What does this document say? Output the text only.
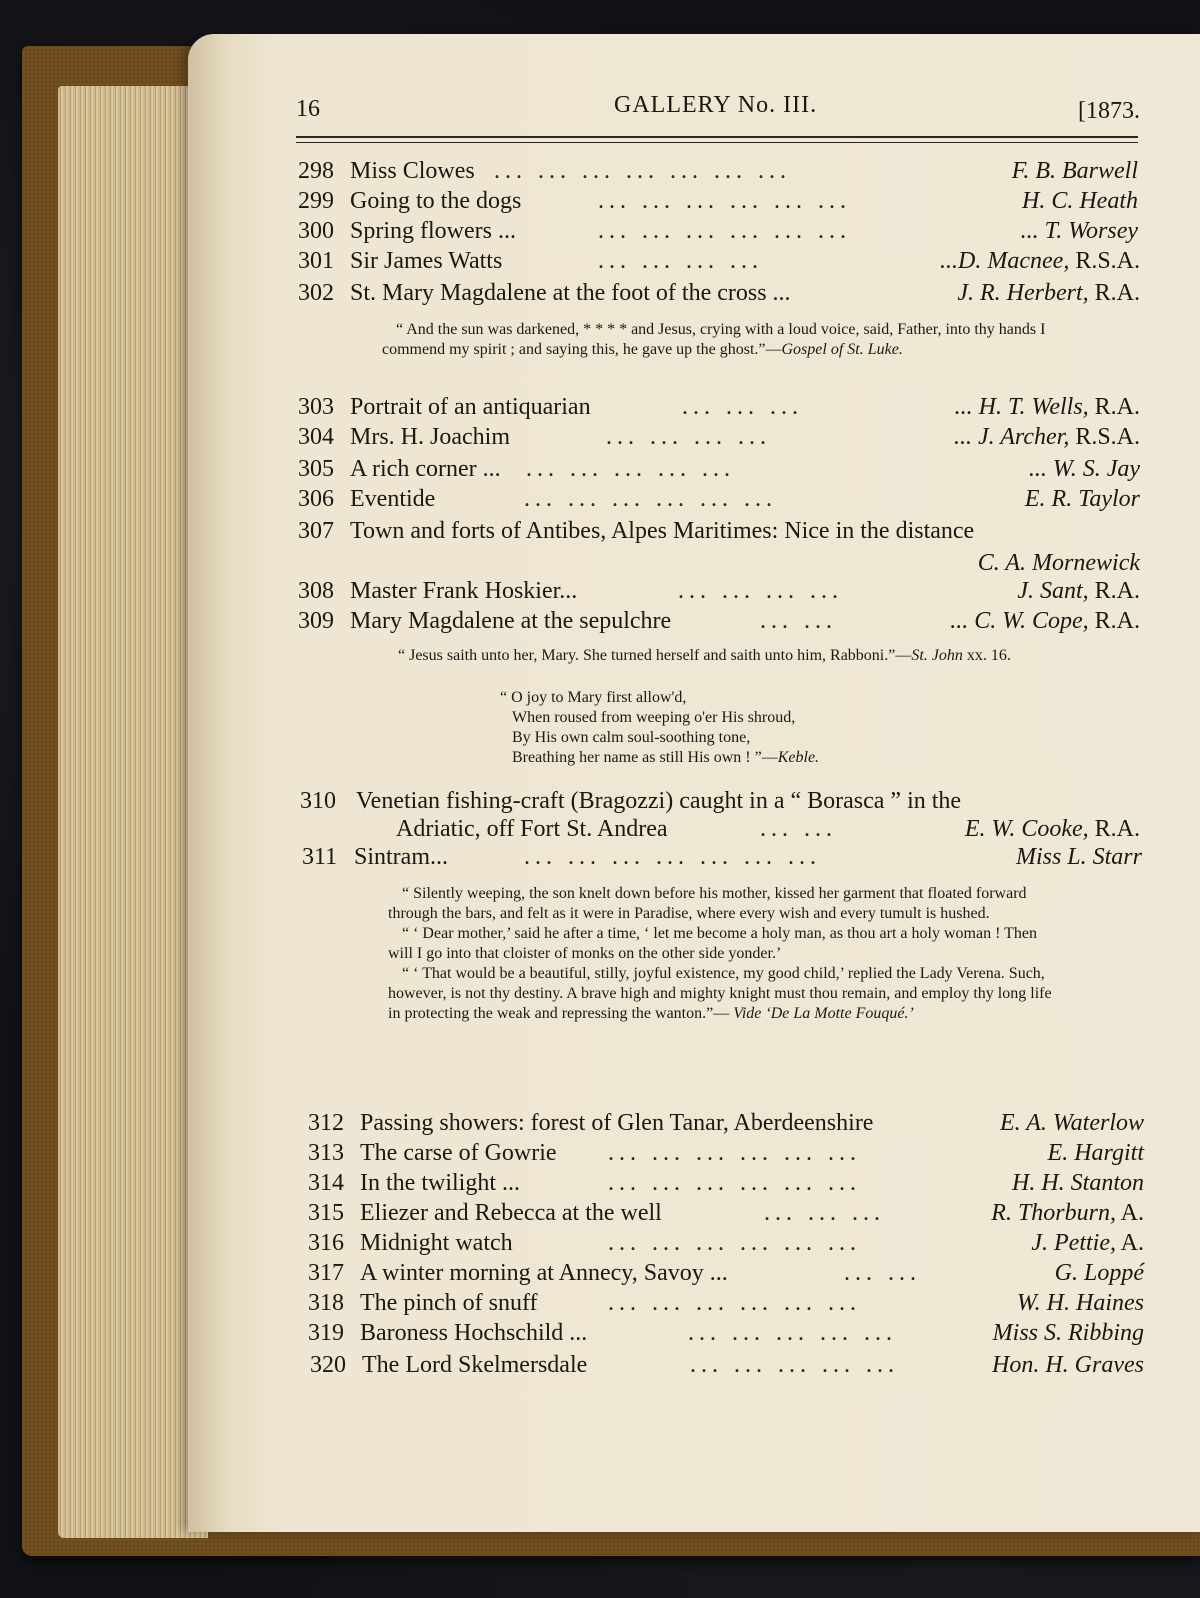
16	GALLERY No. III.	[1873.
298 Miss Clowes ... ... ... ... ... ... ...	F. B. Barwell
299 Going to the dogs	... ... ... ... ... ...	H. C. Heath
300 Spring flowers ...	... ... ... ... ... ...	... T. Worsey
301 Sir James Watts	... ... ... ...	...D. Macnee, R.S.A.
302 St. Mary Magdalene at the foot of the cross ...	J. R. Herbert, R.A.

“ And the sun was darkened, * * * * and Jesus, crying with a loud voice, said, Father, into thy hands I commend my spirit ; and saying this, he gave up the ghost.”—Gospel of St. Luke.

303 Portrait of an antiquarian	... ... ...	... H. T. Wells, R.A.
304 Mrs. H. Joachim	... ... ... ...	... J. Archer, R.S.A.
305 A rich corner ... ... ... ... ... ...	... W. S. Jay
306 Eventide	... ... ... ... ... ...	E. R. Taylor
307 Town and forts of Antibes, Alpes Maritimes: Nice in the distance
C. A. Mornewick
308 Master Frank Hoskier...	... ... ... ...	J. Sant, R.A.
309 Mary Magdalene at the sepulchre	... ...	... C. W. Cope, R.A.

“ Jesus saith unto her, Mary. She turned herself and saith unto him, Rabboni.”—St. John xx. 16.

“ O joy to Mary first allow'd,
When roused from weeping o'er His shroud,
By His own calm soul-soothing tone,
Breathing her name as still His own ! ”—Keble.
310 Venetian fishing-craft (Bragozzi) caught in a “ Borasca ” in the
Adriatic, off Fort St. Andrea	... ...	E. W. Cooke, R.A.
311 Sintram...	... ... ... ... ... ... ...	Miss L. Starr

“ Silently weeping, the son knelt down before his mother, kissed her garment that floated forward through the bars, and felt as it were in Paradise, where every wish and every tumult is hushed.

“ ‘ Dear mother,’ said he after a time, ‘ let me become a holy man, as thou art a holy woman ! Then will I go into that cloister of monks on the other side yonder.’

“ ‘ That would be a beautiful, stilly, joyful existence, my good child,’ replied the Lady Verena. Such, however, is not thy destiny. A brave high and mighty knight must thou remain, and employ thy long life in protecting the weak and repressing the wanton.”— Vide ‘De La Motte Fouqué.’

312 Passing showers: forest of Glen Tanar, Aberdeenshire	E. A. Waterlow
313 The carse of Gowrie ... ... ... ... ... ...	E. Hargitt
314 In the twilight ...	... ... ... ... ... ...	H. H. Stanton
315 Eliezer and Rebecca at the well	... ... ...	R. Thorburn, A.
316 Midnight watch	... ... ... ... ... ...	J. Pettie, A.
317 A winter morning at Annecy, Savoy ...	... ...	G. Loppé
318 The pinch of snuff	... ... ... ... ... ...	W. H. Haines
319 Baroness Hochschild ...	... ... ... ... ...	Miss S. Ribbing
320 The Lord Skelmersdale	... ... ... ... ...	Hon. H. Graves
